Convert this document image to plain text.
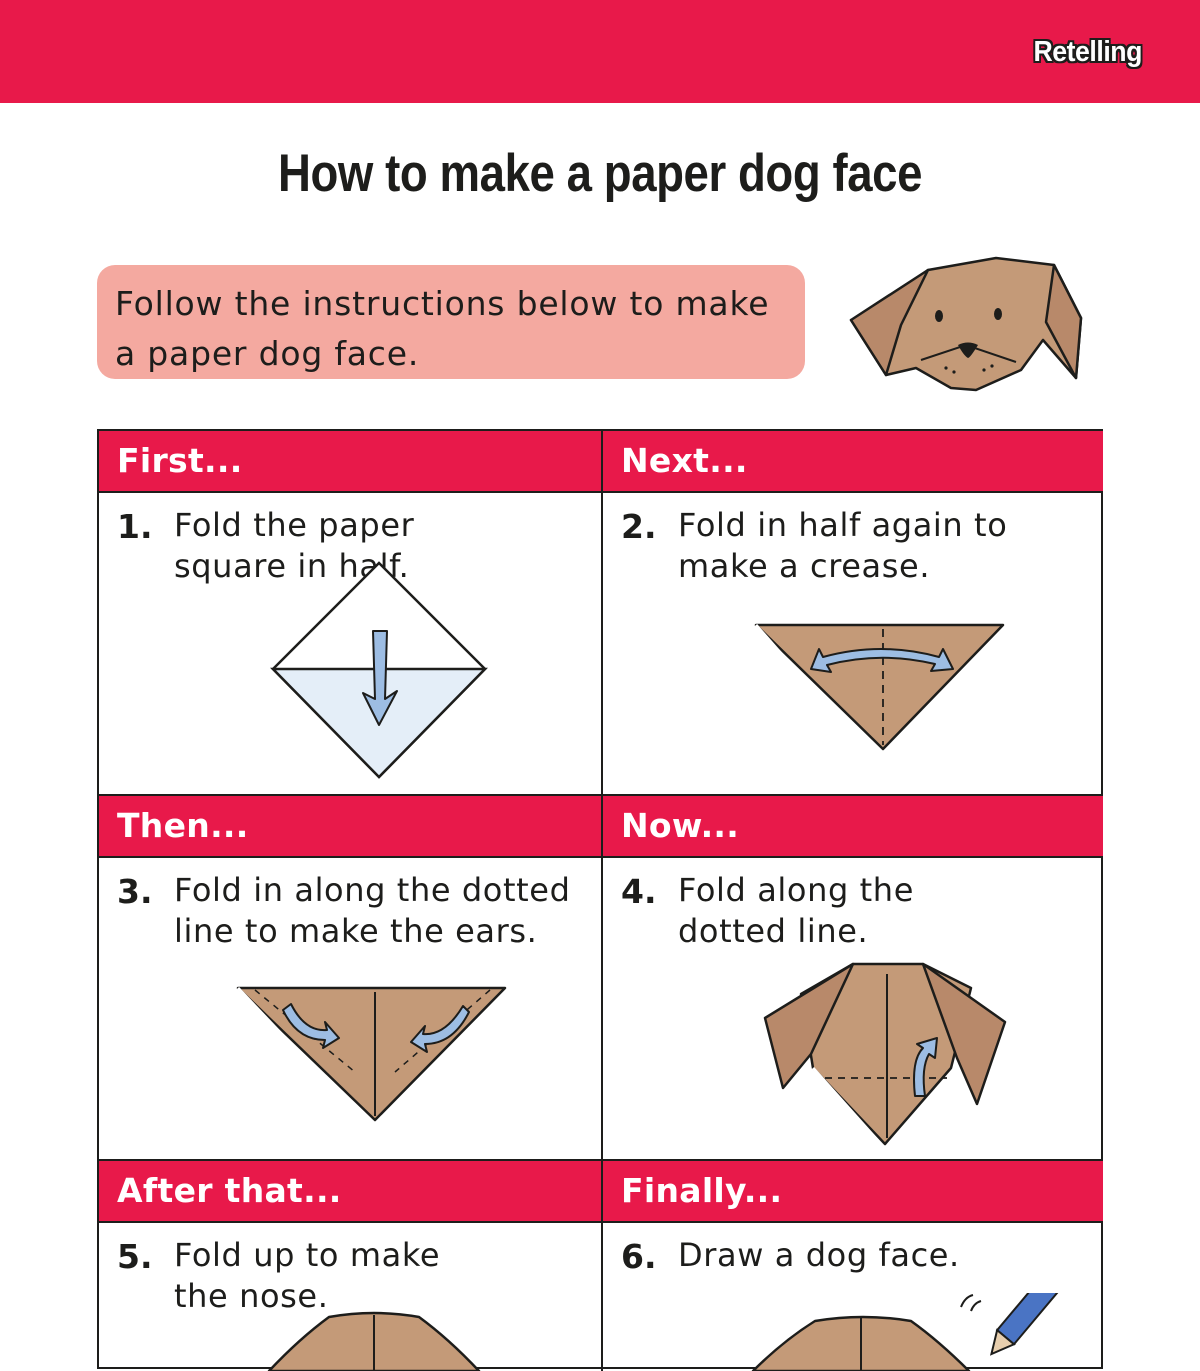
Retelling
How to make a paper dog face
Follow the instructions below to make a paper dog face.
First...
1. Fold the paper square in half.
Next...
2. Fold in half again to make a crease.
Then...
3. Fold in along the dotted line to make the ears.
Now...
4. Fold along the dotted line.
After that...
5. Fold up to make the nose.
Finally...
6. Draw a dog face.
